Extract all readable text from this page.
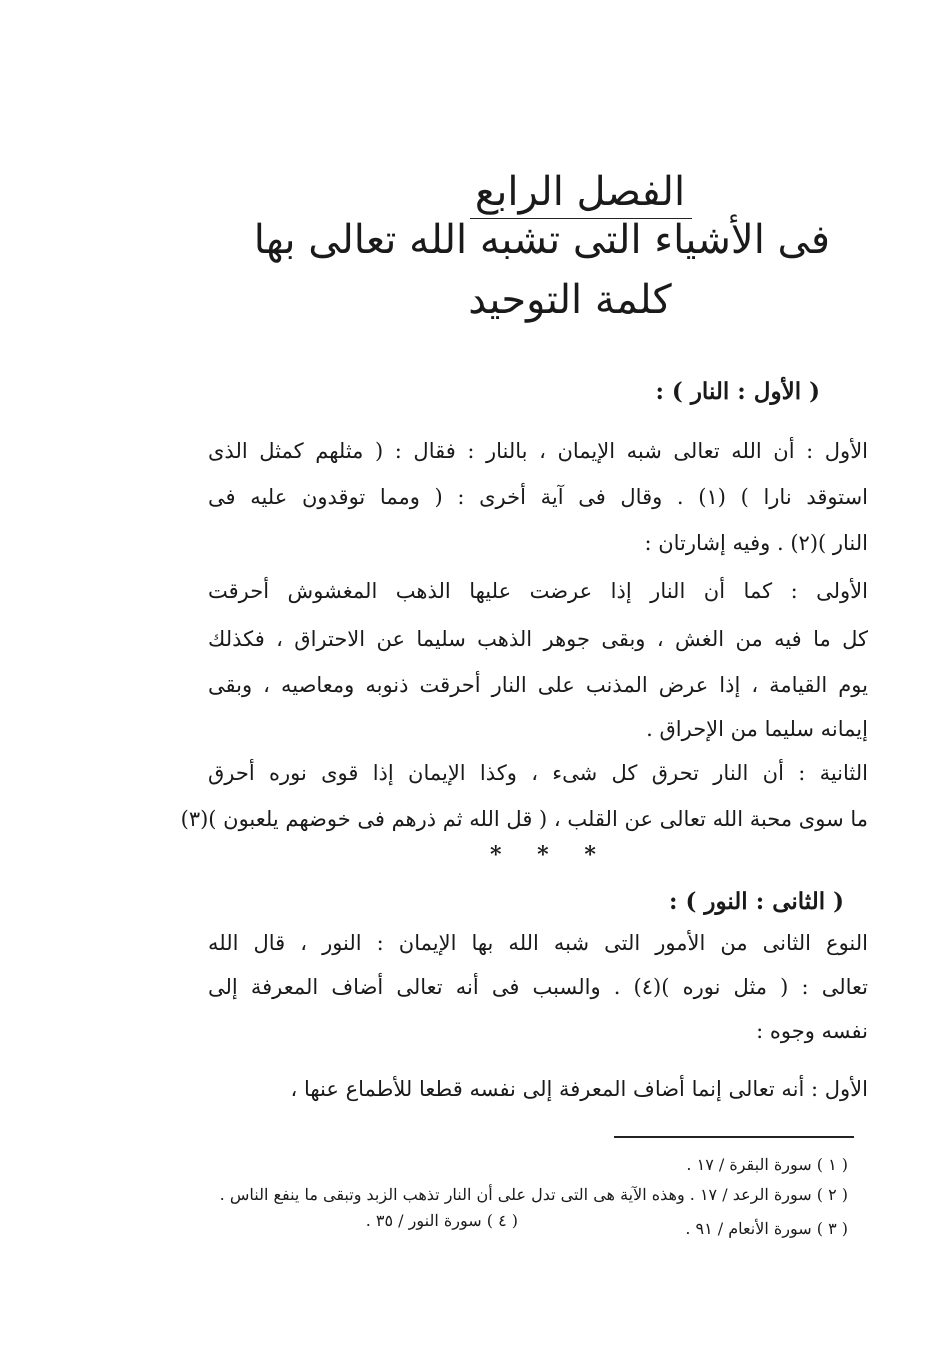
الفصل الرابع
فى الأشياء التى تشبه الله تعالى بها
كلمة التوحيد
( الأول : النار ) :
الأول : أن الله تعالى شبه الإيمان ، بالنار : فقال : ( مثلهم كمثل الذى
استوقد نارا ) (١) . وقال فى آية أخرى : ( ومما توقدون عليه فى
النار )(٢) . وفيه إشارتان :
الأولى : كما أن النار إذا عرضت عليها الذهب المغشوش أحرقت
كل ما فيه من الغش ، وبقى جوهر الذهب سليما عن الاحتراق ، فكذلك
يوم القيامة ، إذا عرض المذنب على النار أحرقت ذنوبه ومعاصيه ، وبقى
إيمانه سليما من الإحراق .
الثانية : أن النار تحرق كل شىء ، وكذا الإيمان إذا قوى نوره أحرق
ما سوى محبة الله تعالى عن القلب ، ( قل الله ثم ذرهم فى خوضهم يلعبون )(٣)
* * *
( الثانى : النور ) :
النوع الثانى من الأمور التى شبه الله بها الإيمان : النور ، قال الله
تعالى : ( مثل نوره )(٤) . والسبب فى أنه تعالى أضاف المعرفة إلى
نفسه وجوه :
الأول : أنه تعالى إنما أضاف المعرفة إلى نفسه قطعا للأطماع عنها ،
( ١ ) سورة البقرة / ١٧ .
( ٢ ) سورة الرعد / ١٧ . وهذه الآية هى التى تدل على أن النار تذهب الزبد وتبقى ما ينفع الناس .
( ٣ ) سورة الأنعام / ٩١ .
( ٤ ) سورة النور / ٣٥ .
